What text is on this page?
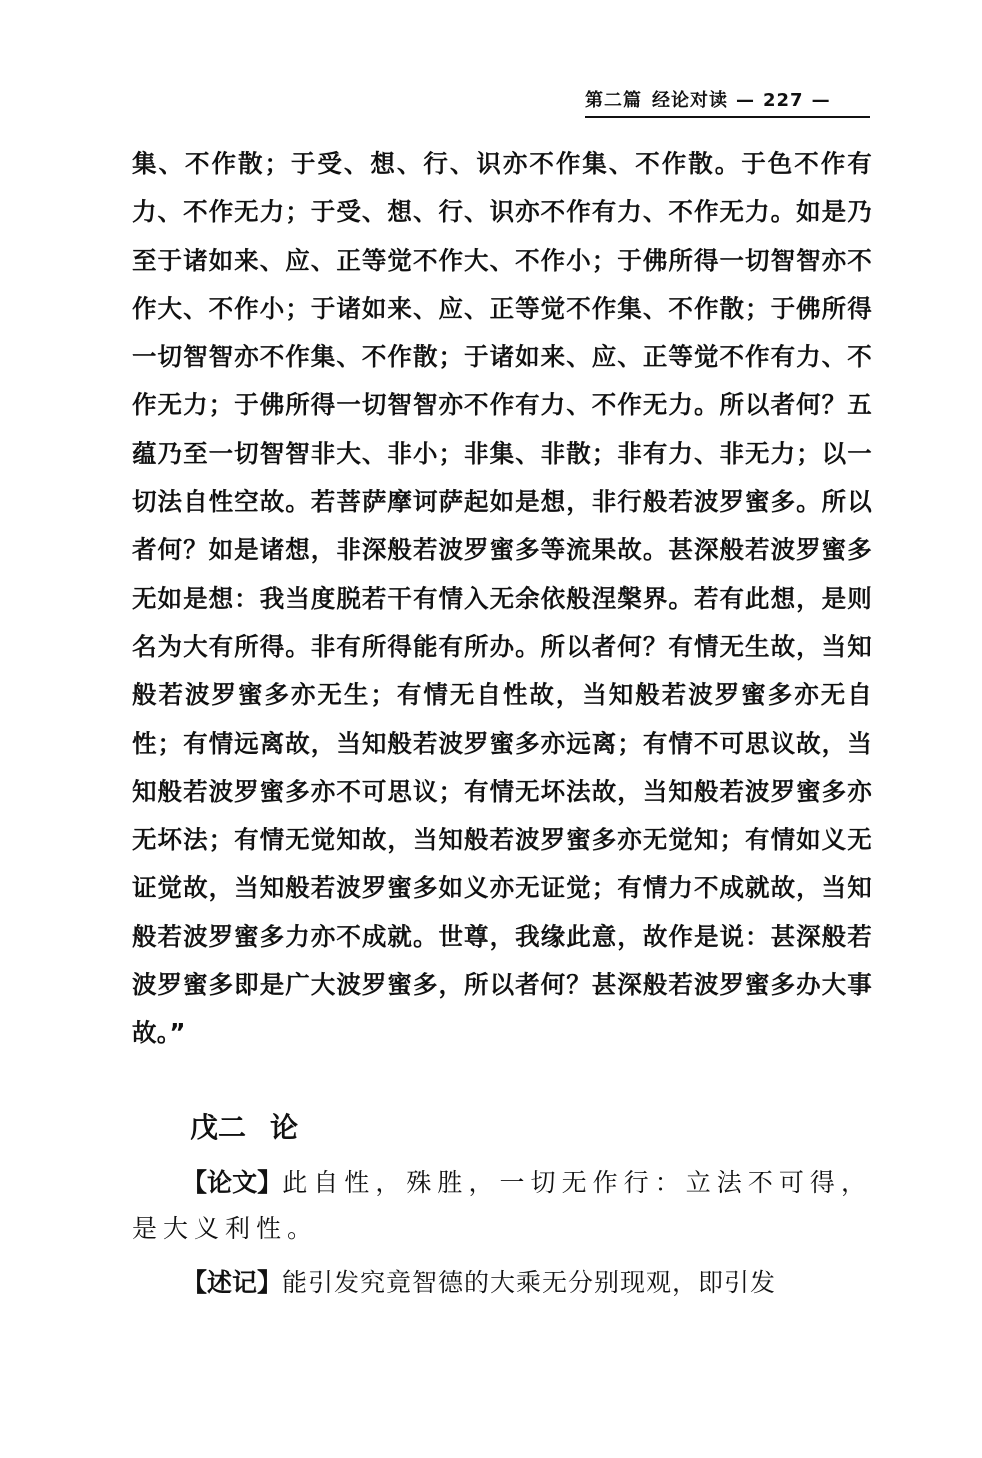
第二篇 经论对读 — 227 —

集、不作散；于受、想、行、识亦不作集、不作散。于色不作有力、不作无力；于受、想、行、识亦不作有力、不作无力。如是乃至于诸如来、应、正等觉不作大、不作小；于佛所得一切智智亦不作大、不作小；于诸如来、应、正等觉不作集、不作散；于佛所得一切智智亦不作集、不作散；于诸如来、应、正等觉不作有力、不作无力；于佛所得一切智智亦不作有力、不作无力。所以者何？五蕴乃至一切智智非大、非小；非集、非散；非有力、非无力；以一切法自性空故。若菩萨摩诃萨起如是想，非行般若波罗蜜多。所以者何？如是诸想，非深般若波罗蜜多等流果故。甚深般若波罗蜜多无如是想：我当度脱若干有情入无余依般涅槃界。若有此想，是则名为大有所得。非有所得能有所办。所以者何？有情无生故，当知般若波罗蜜多亦无生；有情无自性故，当知般若波罗蜜多亦无自性；有情远离故，当知般若波罗蜜多亦远离；有情不可思议故，当知般若波罗蜜多亦不可思议；有情无坏法故，当知般若波罗蜜多亦无坏法；有情无觉知故，当知般若波罗蜜多亦无觉知；有情如义无证觉故，当知般若波罗蜜多如义亦无证觉；有情力不成就故，当知般若波罗蜜多力亦不成就。世尊，我缘此意，故作是说：甚深般若波罗蜜多即是广大波罗蜜多，所以者何？甚深般若波罗蜜多办大事故。”

戊二 论

【论文】此自性，殊胜，一切无作行：立法不可得，是大义利性。

【述记】能引发究竟智德的大乘无分别现观，即引发
